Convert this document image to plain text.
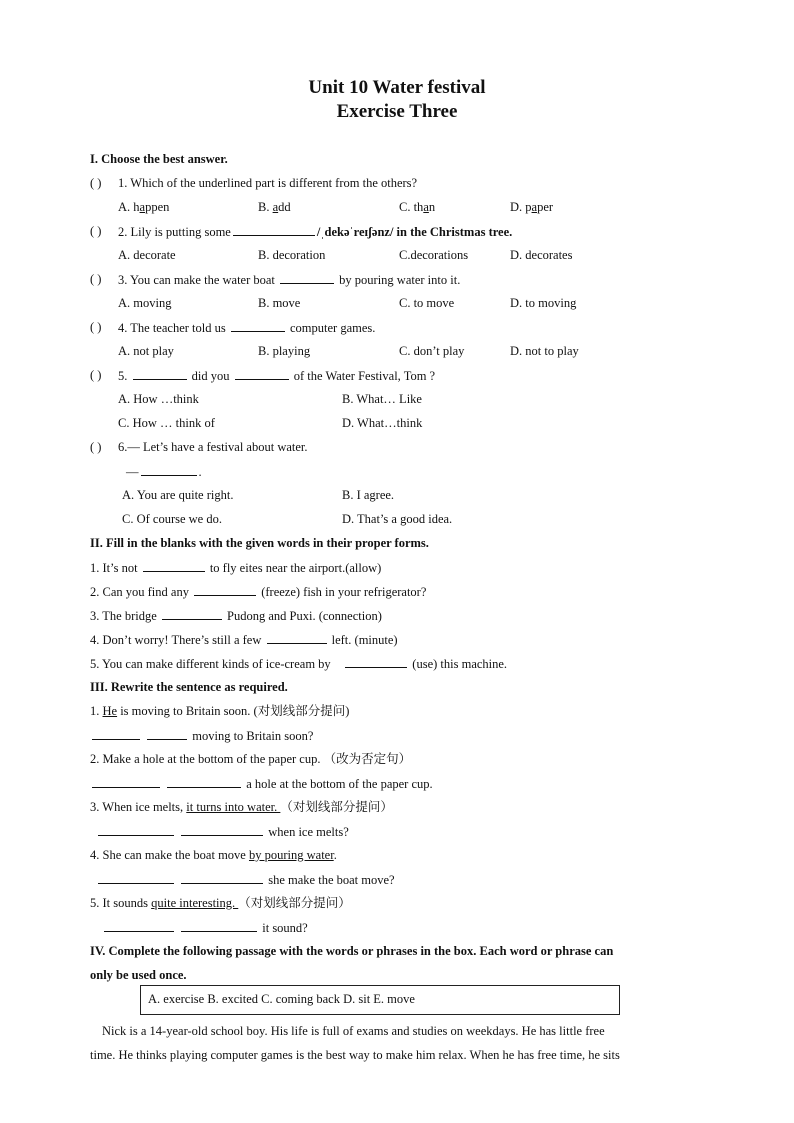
Unit 10 Water festival
Exercise Three
I. Choose the best answer.
( ) 1. Which of the underlined part is different from the others?
A. happen	B. add	C. than	D. paper
( ) 2. Lily is putting some	/ˌdekəˈreɪʃənz/ in the Christmas tree.
A. decorate	B. decoration	C.decorations	D. decorates
( ) 3. You can make the water boat	by pouring water into it.
A. moving	B. move	C. to move	D. to moving
( ) 4. The teacher told us	computer games.
A. not play	B. playing	C. don’t play	D. not to play
( ) 5.	did you	of the Water Festival, Tom ?
A. How …think	B. What… Like
C. How … think of	D. What…think
( ) 6.— Let’s have a festival about water.
—	.
A. You are quite right.	B. I agree.
C. Of course we do.	D. That’s a good idea.
II. Fill in the blanks with the given words in their proper forms.
1. It’s not	to fly eites near the airport.(allow)
2. Can you find any	(freeze) fish in your refrigerator?
3. The bridge	Pudong and Puxi. (connection)
4. Don’t worry! There’s still a few	left. (minute)
5. You can make different kinds of ice-cream by	(use) this machine.
III. Rewrite the sentence as required.
1. He is moving to Britain soon. (对划线部分提问)
moving to Britain soon?
2. Make a hole at the bottom of the paper cup. （改为否定句）
a hole at the bottom of the paper cup.
3. When ice melts, it turns into water. （对划线部分提问）
when ice melts?
4. She can make the boat move by pouring water.
she make the boat move?
5. It sounds quite interesting. （对划线部分提问）
it sound?
IV. Complete the following passage with the words or phrases in the box. Each word or phrase can
only be used once.
A. exercise B. excited C. coming back D. sit E. move
Nick is a 14-year-old school boy. His life is full of exams and studies on weekdays. He has little free
time. He thinks playing computer games is the best way to make him relax. When he has free time, he sits
